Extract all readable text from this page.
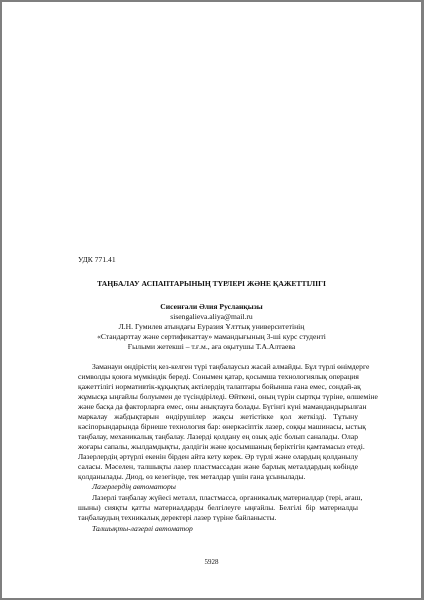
УДК 771.41
ТАҢБАЛАУ АСПАПТАРЫНЫҢ ТҮРЛЕРІ ЖӘНЕ ҚАЖЕТТІЛІГІ
Сисенғали Әлия Русланқызы
sisengalieva.aliya@mail.ru
Л.Н. Гумилев атындағы Еуразия Ұлттық университетінің
«Стандарттау және сертификаттау» мамандығының 3-ші курс студенті
Ғылыми жетекші – т.ғ.м., аға оқытушы Т.А.Алтаева
Заманауи өндірістің кез-келген түрі таңбалаусыз жасай алмайды. Бұл түрлі өнімдерге
символды қоюға мүмкіндік береді. Сонымен қатар, қосымша технологиялық операция
қажеттілігі нормативтік-құқықтық актілердің талаптары бойынша ғана емес, сондай-ақ
жұмысқа ыңғайлы болуымен де түсіндіріледі. Өйткені, оның түрін сыртқы түріне, өлшеміне
және басқа да факторларға емес, оны анықтауға болады. Бүгінгі күні мамандандырылған
маркалау жабдықтарын өндірушілер жақсы жетістікке қол жеткізді. Тұтыну
кәсіпорындарында бірнеше технология бар: өнеркәсіптік лазер, соққы машинасы, ыстық
таңбалау, механикалық таңбалау. Лазерді қолдану ең озық әдіс болып саналады. Олар
жоғары сапалы, жылдамдықты, дәлдігін және қосымшаның беріктігін қамтамасыз етеді.
Лазерлердің әртүрлі екенін бірден айта кету керек. Әр түрлі және олардың қолданылу
саласы. Мәселен, талшықты лазер пластмассадан және барлық металдардың көбінде
қолданылады. Диод, өз кезегінде, тек металдар үшін ғана ұсынылады.
Лазерлердің автоматоры
Лазерлі таңбалау жүйесі металл, пластмасса, органикалық материалдар (тері, ағаш,
шыны) сияқты қатты материалдарды белгілеуге ыңғайлы. Белгілі бір материалды
таңбалаудың техникалық деректері лазер түріне байланысты.
Талшықты-лазерлі автоматор
5928
